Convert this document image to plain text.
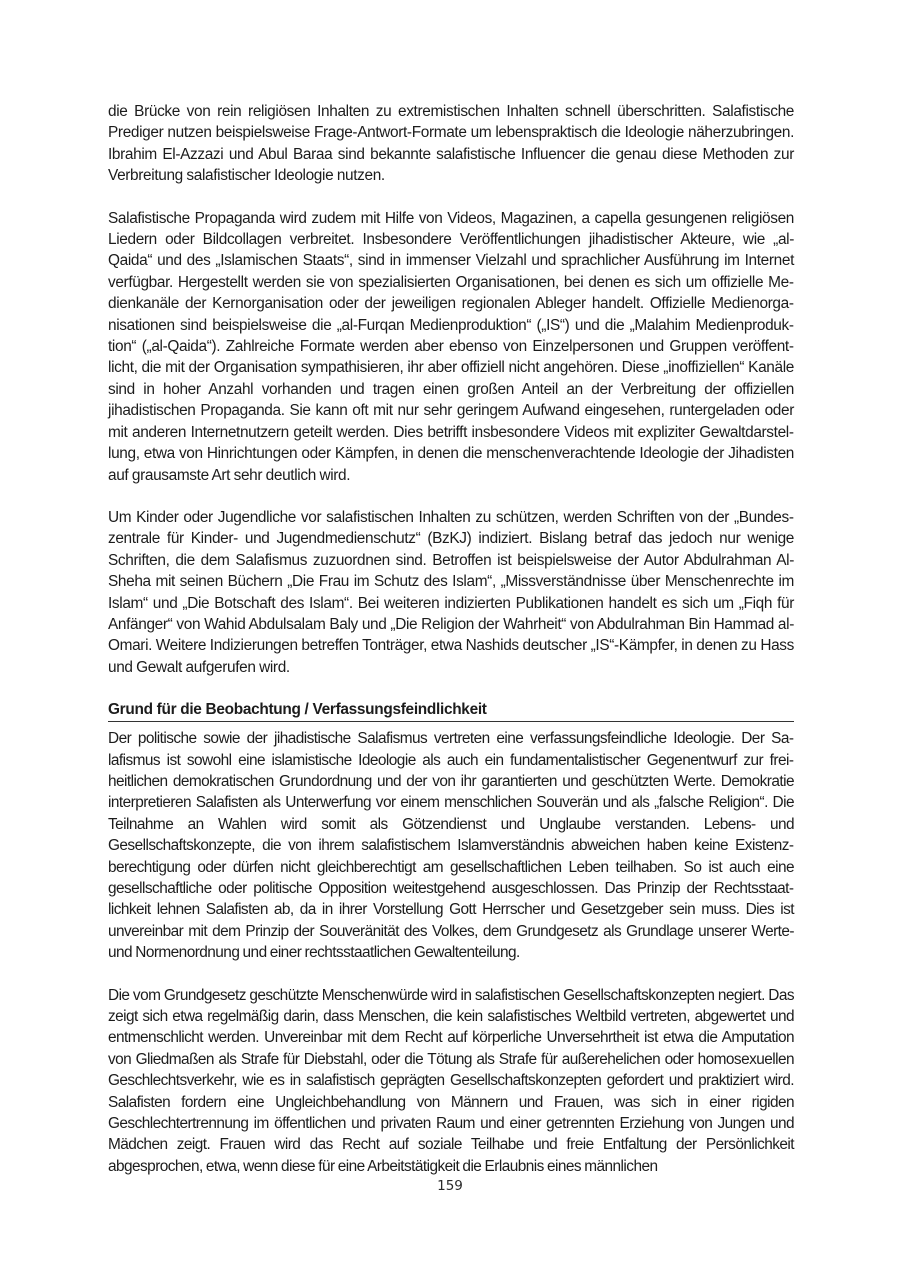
die Brücke von rein religiösen Inhalten zu extremistischen Inhalten schnell überschritten. Salafistische Prediger nutzen beispielsweise Frage-Antwort-Formate um lebenspraktisch die Ideologie näherzubringen. Ibrahim El-Azzazi und Abul Baraa sind bekannte salafistische Influencer die genau diese Methoden zur Verbreitung salafistischer Ideologie nutzen.

Salafistische Propaganda wird zudem mit Hilfe von Videos, Magazinen, a capella gesungenen religiösen Liedern oder Bildcollagen verbreitet. Insbesondere Veröffentlichungen jihadistischer Akteure, wie „al-Qaida“ und des „Islamischen Staats“, sind in immenser Vielzahl und sprachlicher Ausführung im Internet verfügbar. Hergestellt werden sie von spezialisierten Organisationen, bei denen es sich um offizielle Medienkanäle der Kernorganisation oder der jeweiligen regionalen Ableger handelt. Offizielle Medienorganisationen sind beispielsweise die „al-Furqan Medienproduktion“ („IS“) und die „Malahim Medienproduktion“ („al-Qaida“). Zahlreiche Formate werden aber ebenso von Einzelpersonen und Gruppen veröffentlicht, die mit der Organisation sympathisieren, ihr aber offiziell nicht angehören. Diese „inoffiziellen“ Kanäle sind in hoher Anzahl vorhanden und tragen einen großen Anteil an der Verbreitung der offiziellen jihadistischen Propaganda. Sie kann oft mit nur sehr geringem Aufwand eingesehen, runtergeladen oder mit anderen Internetnutzern geteilt werden. Dies betrifft insbesondere Videos mit expliziter Gewaltdarstellung, etwa von Hinrichtungen oder Kämpfen, in denen die menschenverachtende Ideologie der Jihadisten auf grausamste Art sehr deutlich wird.

Um Kinder oder Jugendliche vor salafistischen Inhalten zu schützen, werden Schriften von der „Bundeszentrale für Kinder- und Jugendmedienschutz“ (BzKJ) indiziert. Bislang betraf das jedoch nur wenige Schriften, die dem Salafismus zuzuordnen sind. Betroffen ist beispielsweise der Autor Abdulrahman Al-Sheha mit seinen Büchern „Die Frau im Schutz des Islam“, „Missverständnisse über Menschenrechte im Islam“ und „Die Botschaft des Islam“. Bei weiteren indizierten Publikationen handelt es sich um „Fiqh für Anfänger“ von Wahid Abdulsalam Baly und „Die Religion der Wahrheit“ von Abdulrahman Bin Hammad al-Omari. Weitere Indizierungen betreffen Tonträger, etwa Nashids deutscher „IS“-Kämpfer, in denen zu Hass und Gewalt aufgerufen wird.

Grund für die Beobachtung / Verfassungsfeindlichkeit

Der politische sowie der jihadistische Salafismus vertreten eine verfassungsfeindliche Ideologie. Der Salafismus ist sowohl eine islamistische Ideologie als auch ein fundamentalistischer Gegenentwurf zur freiheitlichen demokratischen Grundordnung und der von ihr garantierten und geschützten Werte. Demokratie interpretieren Salafisten als Unterwerfung vor einem menschlichen Souverän und als „falsche Religion“. Die Teilnahme an Wahlen wird somit als Götzendienst und Unglaube verstanden. Lebens- und Gesellschaftskonzepte, die von ihrem salafistischem Islamverständnis abweichen haben keine Existenzberechtigung oder dürfen nicht gleichberechtigt am gesellschaftlichen Leben teilhaben. So ist auch eine gesellschaftliche oder politische Opposition weitestgehend ausgeschlossen. Das Prinzip der Rechtsstaatlichkeit lehnen Salafisten ab, da in ihrer Vorstellung Gott Herrscher und Gesetzgeber sein muss. Dies ist unvereinbar mit dem Prinzip der Souveränität des Volkes, dem Grundgesetz als Grundlage unserer Werte- und Normenordnung und einer rechtsstaatlichen Gewaltenteilung.

Die vom Grundgesetz geschützte Menschenwürde wird in salafistischen Gesellschaftskonzepten negiert. Das zeigt sich etwa regelmäßig darin, dass Menschen, die kein salafistisches Weltbild vertreten, abgewertet und entmenschlicht werden. Unvereinbar mit dem Recht auf körperliche Unversehrtheit ist etwa die Amputation von Gliedmaßen als Strafe für Diebstahl, oder die Tötung als Strafe für außerehelichen oder homosexuellen Geschlechtsverkehr, wie es in salafistisch geprägten Gesellschaftskonzepten gefordert und praktiziert wird. Salafisten fordern eine Ungleichbehandlung von Männern und Frauen, was sich in einer rigiden Geschlechtertrennung im öffentlichen und privaten Raum und einer getrennten Erziehung von Jungen und Mädchen zeigt. Frauen wird das Recht auf soziale Teilhabe und freie Entfaltung der Persönlichkeit abgesprochen, etwa, wenn diese für eine Arbeitstätigkeit die Erlaubnis eines männlichen

159
